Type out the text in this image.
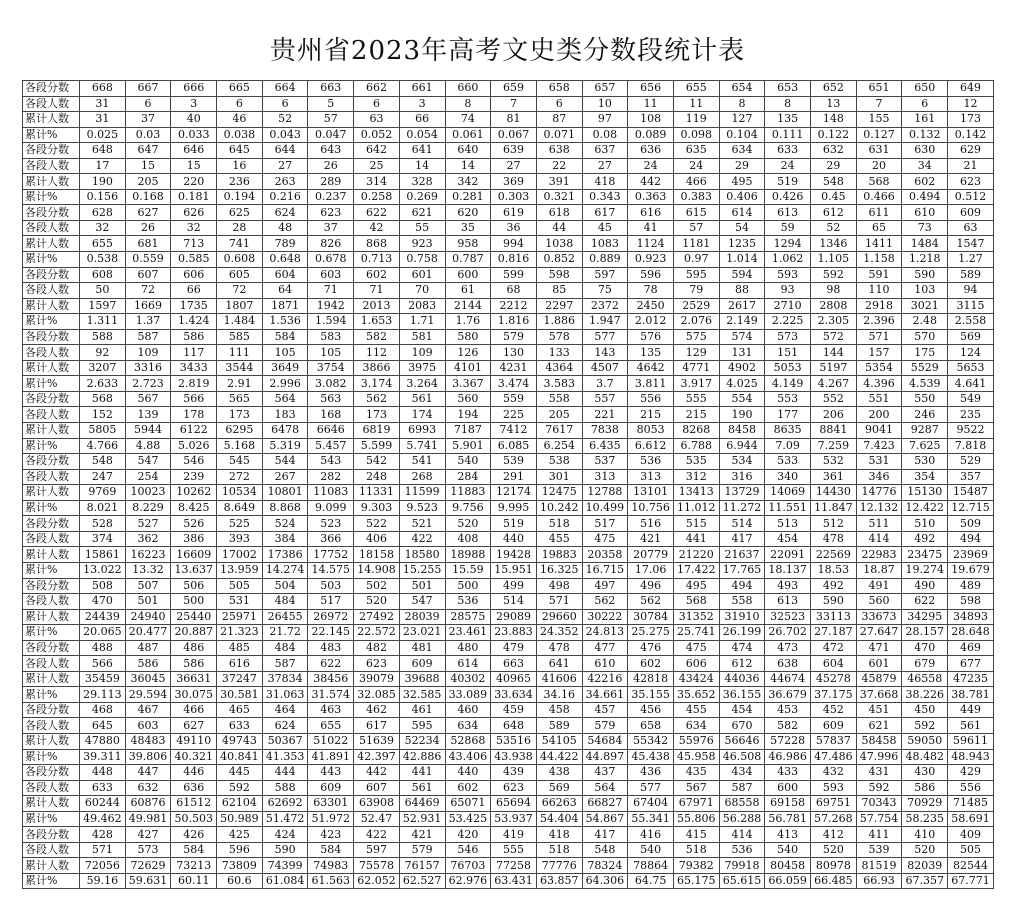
贵州省2023年高考文史类分数段统计表
各段分数	668	667	666	665	664	663	662	661	660	659	658	657	656	655	654	653	652	651	650	649
各段人数	31	6	3	6	6	5	6	3	8	7	6	10	11	11	8	8	13	7	6	12
累计人数	31	37	40	46	52	57	63	66	74	81	87	97	108	119	127	135	148	155	161	173
累计%	0.025	0.03	0.033	0.038	0.043	0.047	0.052	0.054	0.061	0.067	0.071	0.08	0.089	0.098	0.104	0.111	0.122	0.127	0.132	0.142
各段分数	648	647	646	645	644	643	642	641	640	639	638	637	636	635	634	633	632	631	630	629
各段人数	17	15	15	16	27	26	25	14	14	27	22	27	24	24	29	24	29	20	34	21
累计人数	190	205	220	236	263	289	314	328	342	369	391	418	442	466	495	519	548	568	602	623
累计%	0.156	0.168	0.181	0.194	0.216	0.237	0.258	0.269	0.281	0.303	0.321	0.343	0.363	0.383	0.406	0.426	0.45	0.466	0.494	0.512
各段分数	628	627	626	625	624	623	622	621	620	619	618	617	616	615	614	613	612	611	610	609
各段人数	32	26	32	28	48	37	42	55	35	36	44	45	41	57	54	59	52	65	73	63
累计人数	655	681	713	741	789	826	868	923	958	994	1038	1083	1124	1181	1235	1294	1346	1411	1484	1547
累计%	0.538	0.559	0.585	0.608	0.648	0.678	0.713	0.758	0.787	0.816	0.852	0.889	0.923	0.97	1.014	1.062	1.105	1.158	1.218	1.27
各段分数	608	607	606	605	604	603	602	601	600	599	598	597	596	595	594	593	592	591	590	589
各段人数	50	72	66	72	64	71	71	70	61	68	85	75	78	79	88	93	98	110	103	94
累计人数	1597	1669	1735	1807	1871	1942	2013	2083	2144	2212	2297	2372	2450	2529	2617	2710	2808	2918	3021	3115
累计%	1.311	1.37	1.424	1.484	1.536	1.594	1.653	1.71	1.76	1.816	1.886	1.947	2.012	2.076	2.149	2.225	2.305	2.396	2.48	2.558
各段分数	588	587	586	585	584	583	582	581	580	579	578	577	576	575	574	573	572	571	570	569
各段人数	92	109	117	111	105	105	112	109	126	130	133	143	135	129	131	151	144	157	175	124
累计人数	3207	3316	3433	3544	3649	3754	3866	3975	4101	4231	4364	4507	4642	4771	4902	5053	5197	5354	5529	5653
累计%	2.633	2.723	2.819	2.91	2.996	3.082	3.174	3.264	3.367	3.474	3.583	3.7	3.811	3.917	4.025	4.149	4.267	4.396	4.539	4.641
各段分数	568	567	566	565	564	563	562	561	560	559	558	557	556	555	554	553	552	551	550	549
各段人数	152	139	178	173	183	168	173	174	194	225	205	221	215	215	190	177	206	200	246	235
累计人数	5805	5944	6122	6295	6478	6646	6819	6993	7187	7412	7617	7838	8053	8268	8458	8635	8841	9041	9287	9522
累计%	4.766	4.88	5.026	5.168	5.319	5.457	5.599	5.741	5.901	6.085	6.254	6.435	6.612	6.788	6.944	7.09	7.259	7.423	7.625	7.818
各段分数	548	547	546	545	544	543	542	541	540	539	538	537	536	535	534	533	532	531	530	529
各段人数	247	254	239	272	267	282	248	268	284	291	301	313	313	312	316	340	361	346	354	357
累计人数	9769	10023	10262	10534	10801	11083	11331	11599	11883	12174	12475	12788	13101	13413	13729	14069	14430	14776	15130	15487
累计%	8.021	8.229	8.425	8.649	8.868	9.099	9.303	9.523	9.756	9.995	10.242	10.499	10.756	11.012	11.272	11.551	11.847	12.132	12.422	12.715
各段分数	528	527	526	525	524	523	522	521	520	519	518	517	516	515	514	513	512	511	510	509
各段人数	374	362	386	393	384	366	406	422	408	440	455	475	421	441	417	454	478	414	492	494
累计人数	15861	16223	16609	17002	17386	17752	18158	18580	18988	19428	19883	20358	20779	21220	21637	22091	22569	22983	23475	23969
累计%	13.022	13.32	13.637	13.959	14.274	14.575	14.908	15.255	15.59	15.951	16.325	16.715	17.06	17.422	17.765	18.137	18.53	18.87	19.274	19.679
各段分数	508	507	506	505	504	503	502	501	500	499	498	497	496	495	494	493	492	491	490	489
各段人数	470	501	500	531	484	517	520	547	536	514	571	562	562	568	558	613	590	560	622	598
累计人数	24439	24940	25440	25971	26455	26972	27492	28039	28575	29089	29660	30222	30784	31352	31910	32523	33113	33673	34295	34893
累计%	20.065	20.477	20.887	21.323	21.72	22.145	22.572	23.021	23.461	23.883	24.352	24.813	25.275	25.741	26.199	26.702	27.187	27.647	28.157	28.648
各段分数	488	487	486	485	484	483	482	481	480	479	478	477	476	475	474	473	472	471	470	469
各段人数	566	586	586	616	587	622	623	609	614	663	641	610	602	606	612	638	604	601	679	677
累计人数	35459	36045	36631	37247	37834	38456	39079	39688	40302	40965	41606	42216	42818	43424	44036	44674	45278	45879	46558	47235
累计%	29.113	29.594	30.075	30.581	31.063	31.574	32.085	32.585	33.089	33.634	34.16	34.661	35.155	35.652	36.155	36.679	37.175	37.668	38.226	38.781
各段分数	468	467	466	465	464	463	462	461	460	459	458	457	456	455	454	453	452	451	450	449
各段人数	645	603	627	633	624	655	617	595	634	648	589	579	658	634	670	582	609	621	592	561
累计人数	47880	48483	49110	49743	50367	51022	51639	52234	52868	53516	54105	54684	55342	55976	56646	57228	57837	58458	59050	59611
累计%	39.311	39.806	40.321	40.841	41.353	41.891	42.397	42.886	43.406	43.938	44.422	44.897	45.438	45.958	46.508	46.986	47.486	47.996	48.482	48.943
各段分数	448	447	446	445	444	443	442	441	440	439	438	437	436	435	434	433	432	431	430	429
各段人数	633	632	636	592	588	609	607	561	602	623	569	564	577	567	587	600	593	592	586	556
累计人数	60244	60876	61512	62104	62692	63301	63908	64469	65071	65694	66263	66827	67404	67971	68558	69158	69751	70343	70929	71485
累计%	49.462	49.981	50.503	50.989	51.472	51.972	52.47	52.931	53.425	53.937	54.404	54.867	55.341	55.806	56.288	56.781	57.268	57.754	58.235	58.691
各段分数	428	427	426	425	424	423	422	421	420	419	418	417	416	415	414	413	412	411	410	409
各段人数	571	573	584	596	590	584	597	579	546	555	518	548	540	518	536	540	520	539	520	505
累计人数	72056	72629	73213	73809	74399	74983	75578	76157	76703	77258	77776	78324	78864	79382	79918	80458	80978	81519	82039	82544
累计%	59.16	59.631	60.11	60.6	61.084	61.563	62.052	62.527	62.976	63.431	63.857	64.306	64.75	65.175	65.615	66.059	66.485	66.93	67.357	67.771
